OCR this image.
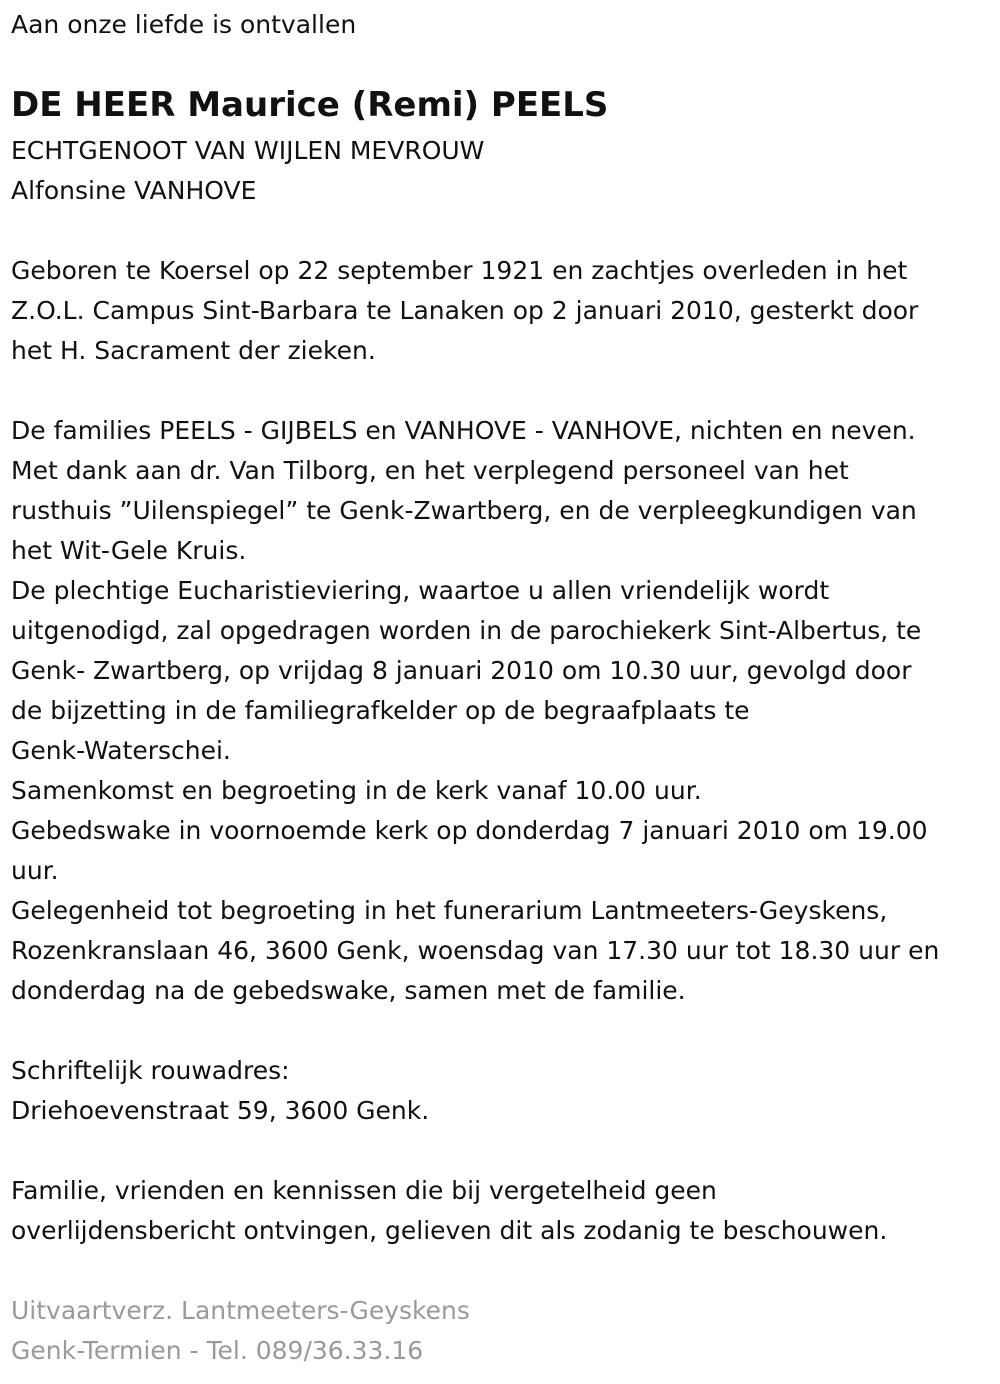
Aan onze liefde is ontvallen

DE HEER Maurice (Remi) PEELS

ECHTGENOOT VAN WIJLEN MEVROUW

Alfonsine VANHOVE

Geboren te Koersel op 22 september 1921 en zachtjes overleden in het

Z.O.L. Campus Sint-Barbara te Lanaken op 2 januari 2010, gesterkt door

het H. Sacrament der zieken.

De families PEELS - GIJBELS en VANHOVE - VANHOVE, nichten en neven.

Met dank aan dr. Van Tilborg, en het verplegend personeel van het

rusthuis ”Uilenspiegel” te Genk-Zwartberg, en de verpleegkundigen van

het Wit-Gele Kruis.

De plechtige Eucharistieviering, waartoe u allen vriendelijk wordt

uitgenodigd, zal opgedragen worden in de parochiekerk Sint-Albertus, te

Genk- Zwartberg, op vrijdag 8 januari 2010 om 10.30 uur, gevolgd door

de bijzetting in de familiegrafkelder op de begraafplaats te

Genk-Waterschei.

Samenkomst en begroeting in de kerk vanaf 10.00 uur.

Gebedswake in voornoemde kerk op donderdag 7 januari 2010 om 19.00

uur.

Gelegenheid tot begroeting in het funerarium Lantmeeters-Geyskens,

Rozenkranslaan 46, 3600 Genk, woensdag van 17.30 uur tot 18.30 uur en

donderdag na de gebedswake, samen met de familie.

Schriftelijk rouwadres:

Driehoevenstraat 59, 3600 Genk.

Familie, vrienden en kennissen die bij vergetelheid geen

overlijdensbericht ontvingen, gelieven dit als zodanig te beschouwen.

Uitvaartverz. Lantmeeters-Geyskens

Genk-Termien - Tel. 089/36.33.16
